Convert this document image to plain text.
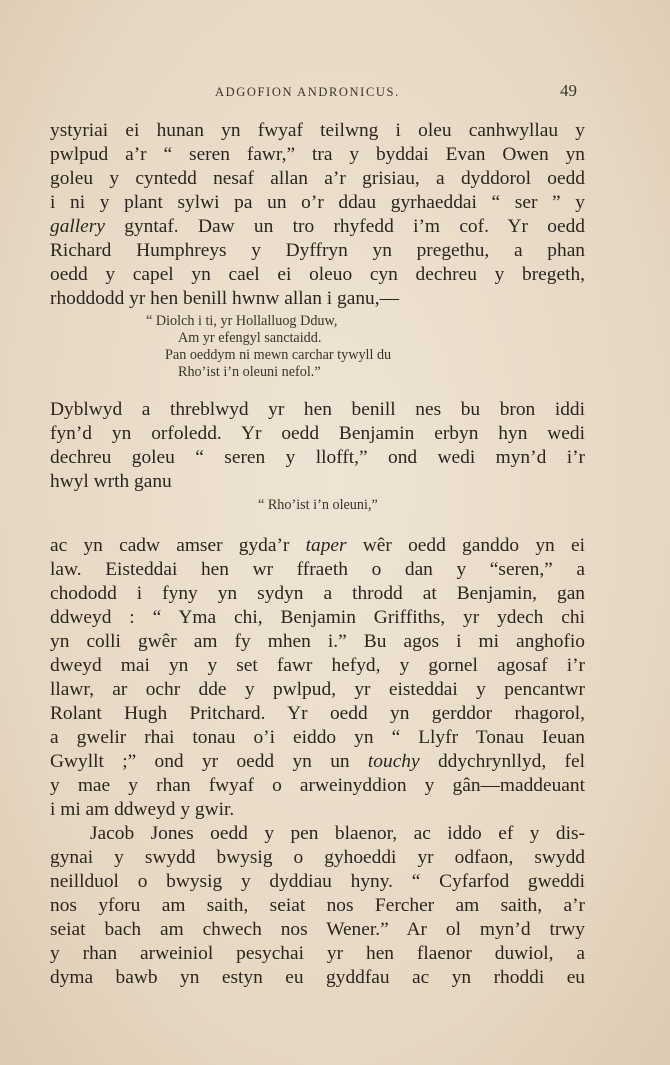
ADGOFION ANDRONICUS.	49
ystyriai ei hunan yn fwyaf teilwng i oleu canhwyllau y
pwlpud a’r “ seren fawr,” tra y byddai Evan Owen yn
goleu y cyntedd nesaf allan a’r grisiau, a dyddorol oedd
i ni y plant sylwi pa un o’r ddau gyrhaeddai “ ser ” y
gallery gyntaf. Daw un tro rhyfedd i’m cof. Yr oedd
Richard Humphreys y Dyffryn yn pregethu, a phan
oedd y capel yn cael ei oleuo cyn dechreu y bregeth,
rhoddodd yr hen benill hwnw allan i ganu,—
“ Diolch i ti, yr Hollalluog Dduw,
Am yr efengyl sanctaidd.
Pan oeddym ni mewn carchar tywyll du
Rho’ist i’n oleuni nefol.”
Dyblwyd a threblwyd yr hen benill nes bu bron iddi
fyn’d yn orfoledd. Yr oedd Benjamin erbyn hyn wedi
dechreu goleu “ seren y llofft,” ond wedi myn’d i’r
hwyl wrth ganu
“ Rho’ist i’n oleuni,”
ac yn cadw amser gyda’r taper wêr oedd ganddo yn ei
law. Eisteddai hen wr ffraeth o dan y “seren,” a
chododd i fyny yn sydyn a throdd at Benjamin, gan
ddweyd : “ Yma chi, Benjamin Griffiths, yr ydech chi
yn colli gwêr am fy mhen i.” Bu agos i mi anghofio
dweyd mai yn y set fawr hefyd, y gornel agosaf i’r
llawr, ar ochr dde y pwlpud, yr eisteddai y pencantwr
Rolant Hugh Pritchard. Yr oedd yn gerddor rhagorol,
a gwelir rhai tonau o’i eiddo yn “ Llyfr Tonau Ieuan
Gwyllt ;” ond yr oedd yn un touchy ddychrynllyd, fel
y mae y rhan fwyaf o arweinyddion y gân—maddeuant
i mi am ddweyd y gwir.
Jacob Jones oedd y pen blaenor, ac iddo ef y dis-
gynai y swydd bwysig o gyhoeddi yr odfaon, swydd
neillduol o bwysig y dyddiau hyny. “ Cyfarfod gweddi
nos yforu am saith, seiat nos Fercher am saith, a’r
seiat bach am chwech nos Wener.” Ar ol myn’d trwy
y rhan arweiniol pesychai yr hen flaenor duwiol, a
dyma bawb yn estyn eu gyddfau ac yn rhoddi eu
